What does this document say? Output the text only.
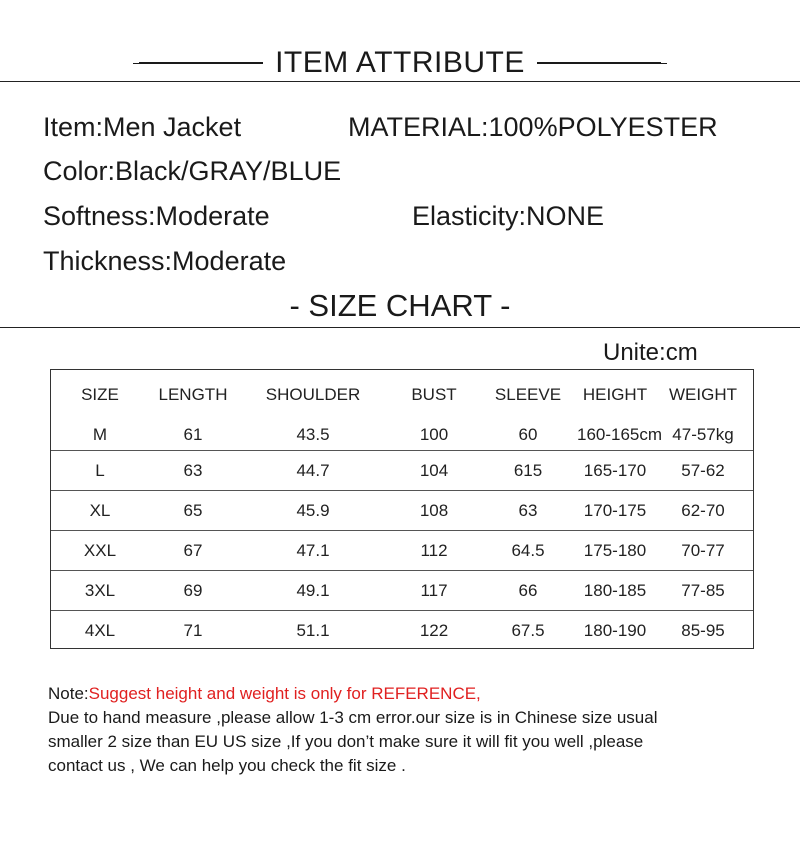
ITEM ATTRIBUTE
Item:Men Jacket	MATERIAL:100%POLYESTER
Color:Black/GRAY/BLUE
Softness:Moderate	Elasticity:NONE
Thickness:Moderate
- SIZE CHART -
Unite:cm
SIZE	LENGTH	SHOULDER	BUST	SLEEVE	HEIGHT	WEIGHT
M	61	43.5	100	60	160-165cm 47-57kg
L	63	44.7	104	615	165-170	57-62
XL	65	45.9	108	63	170-175	62-70
XXL	67	47.1	112	64.5	175-180	70-77
3XL	69	49.1	117	66	180-185	77-85
4XL	71	51.1	122	67.5	180-190	85-95
Note:Suggest height and weight is only for REFERENCE,
Due to hand measure ,please allow 1-3 cm error.our size is in Chinese size usual
smaller 2 size than EU US size ,If you don’t make sure it will fit you well ,please
contact us , We can help you check the fit size .
